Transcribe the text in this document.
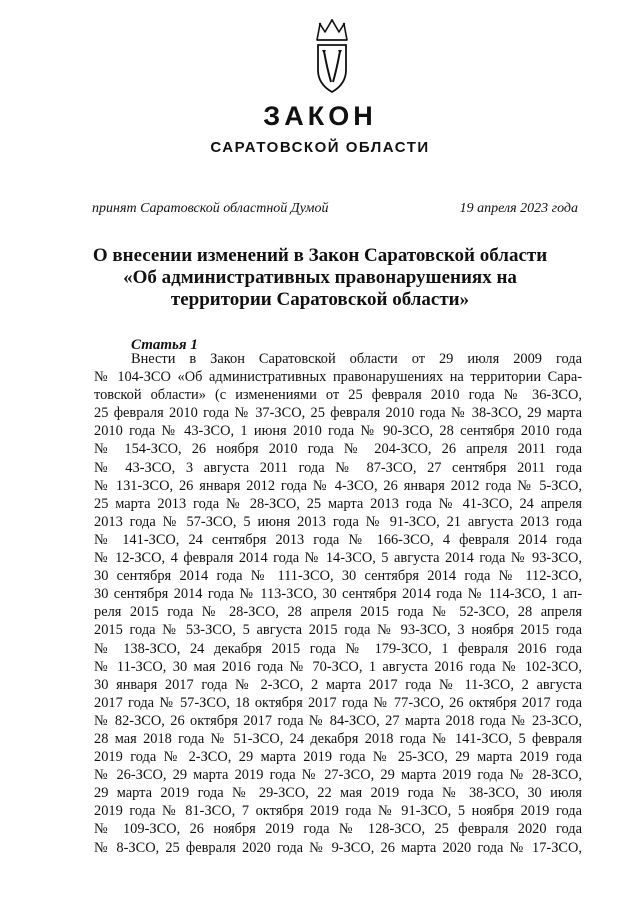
ЗАКОН
САРАТОВСКОЙ ОБЛАСТИ
принят Саратовской областной Думой	19 апреля 2023 года
О внесении изменений в Закон Саратовской области
«Об административных правонарушениях на
территории Саратовской области»
Статья 1
Внести в Закон Саратовской области от 29 июля 2009 года
№ 104-ЗСО «Об административных правонарушениях на территории Сара-
товской области» (с изменениями от 25 февраля 2010 года № 36-ЗСО,
25 февраля 2010 года № 37-ЗСО, 25 февраля 2010 года № 38-ЗСО, 29 марта
2010 года № 43-ЗСО, 1 июня 2010 года № 90-ЗСО, 28 сентября 2010 года
№ 154-ЗСО, 26 ноября 2010 года № 204-ЗСО, 26 апреля 2011 года
№ 43-ЗСО, 3 августа 2011 года № 87-ЗСО, 27 сентября 2011 года
№ 131-ЗСО, 26 января 2012 года № 4-ЗСО, 26 января 2012 года № 5-ЗСО,
25 марта 2013 года № 28-ЗСО, 25 марта 2013 года № 41-ЗСО, 24 апреля
2013 года № 57-ЗСО, 5 июня 2013 года № 91-ЗСО, 21 августа 2013 года
№ 141-ЗСО, 24 сентября 2013 года № 166-ЗСО, 4 февраля 2014 года
№ 12-ЗСО, 4 февраля 2014 года № 14-ЗСО, 5 августа 2014 года № 93-ЗСО,
30 сентября 2014 года № 111-ЗСО, 30 сентября 2014 года № 112-ЗСО,
30 сентября 2014 года № 113-ЗСО, 30 сентября 2014 года № 114-ЗСО, 1 ап-
реля 2015 года № 28-ЗСО, 28 апреля 2015 года № 52-ЗСО, 28 апреля
2015 года № 53-ЗСО, 5 августа 2015 года № 93-ЗСО, 3 ноября 2015 года
№ 138-ЗСО, 24 декабря 2015 года № 179-ЗСО, 1 февраля 2016 года
№ 11-ЗСО, 30 мая 2016 года № 70-ЗСО, 1 августа 2016 года № 102-ЗСО,
30 января 2017 года № 2-ЗСО, 2 марта 2017 года № 11-ЗСО, 2 августа
2017 года № 57-ЗСО, 18 октября 2017 года № 77-ЗСО, 26 октября 2017 года
№ 82-ЗСО, 26 октября 2017 года № 84-ЗСО, 27 марта 2018 года № 23-ЗСО,
28 мая 2018 года № 51-ЗСО, 24 декабря 2018 года № 141-ЗСО, 5 февраля
2019 года № 2-ЗСО, 29 марта 2019 года № 25-ЗСО, 29 марта 2019 года
№ 26-ЗСО, 29 марта 2019 года № 27-ЗСО, 29 марта 2019 года № 28-ЗСО,
29 марта 2019 года № 29-ЗСО, 22 мая 2019 года № 38-ЗСО, 30 июля
2019 года № 81-ЗСО, 7 октября 2019 года № 91-ЗСО, 5 ноября 2019 года
№ 109-ЗСО, 26 ноября 2019 года № 128-ЗСО, 25 февраля 2020 года
№ 8-ЗСО, 25 февраля 2020 года № 9-ЗСО, 26 марта 2020 года № 17-ЗСО,
